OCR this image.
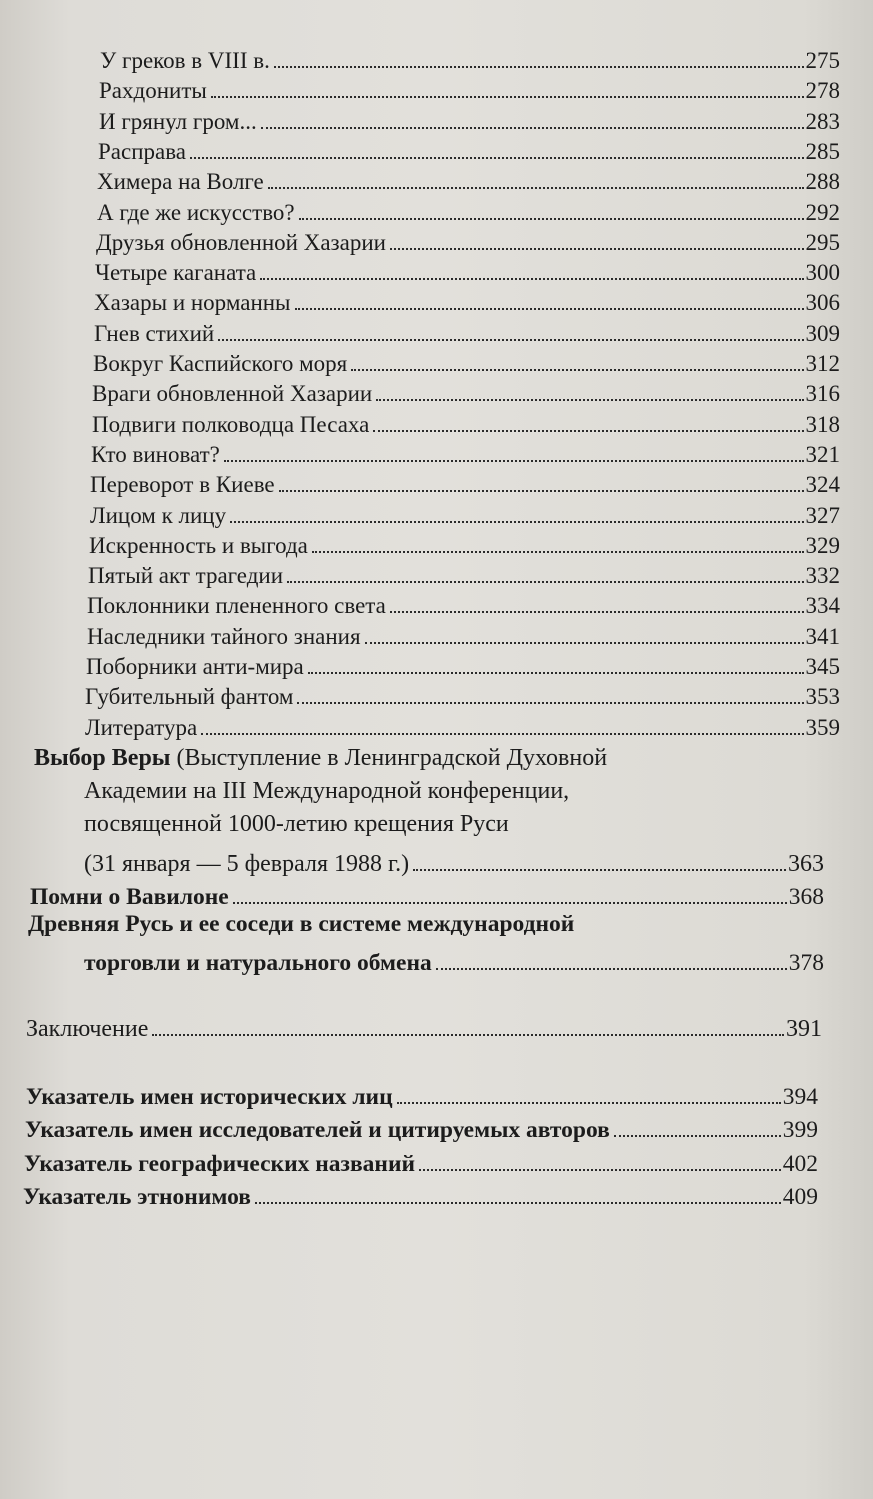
У греков в VIII в.	275
Рахдониты	278
И грянул гром...	283
Расправа	285
Химера на Волге	288
А где же искусство?	292
Друзья обновленной Хазарии	295
Четыре каганата	300
Хазары и норманны	306
Гнев стихий	309
Вокруг Каспийского моря	312
Враги обновленной Хазарии	316
Подвиги полководца Песаха	318
Кто виноват?	321
Переворот в Киеве	324
Лицом к лицу	327
Искренность и выгода	329
Пятый акт трагедии	332
Поклонники плененного света	334
Наследники тайного знания	341
Поборники анти-мира	345
Губительный фантом	353
Литература	359
Выбор Веры (Выступление в Ленинградской Духовной
Академии на III Международной конференции,
посвященной 1000-летию крещения Руси
(31 января — 5 февраля 1988 г.)	363
Помни о Вавилоне	368
Древняя Русь и ее соседи в системе международной
торговли и натурального обмена	378
Заключение	391
Указатель имен исторических лиц	394
Указатель имен исследователей и цитируемых авторов	399
Указатель географических названий	402
Указатель этнонимов	409
